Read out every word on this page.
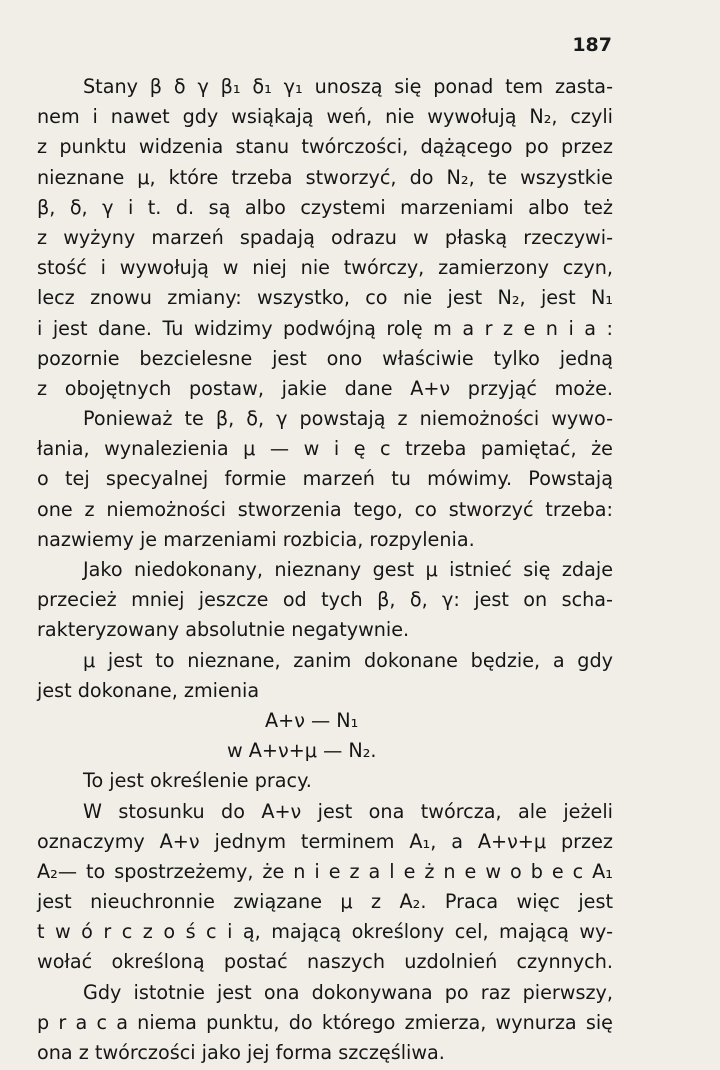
187
Stany β δ γ β₁ δ₁ γ₁ unoszą się ponad tem zasta-
nem i nawet gdy wsiąkają weń, nie wywołują N₂, czyli
z punktu widzenia stanu twórczości, dążącego po przez
nieznane μ, które trzeba stworzyć, do N₂, te wszystkie
β, δ, γ i t. d. są albo czystemi marzeniami albo też
z wyżyny marzeń spadają odrazu w płaską rzeczywi-
stość i wywołują w niej nie twórczy, zamierzony czyn,
lecz znowu zmiany: wszystko, co nie jest N₂, jest N₁
i jest dane. Tu widzimy podwójną rolę m a r z e n i a :
pozornie bezcielesne jest ono właściwie tylko jedną
z obojętnych postaw, jakie dane A+ν przyjąć może.
Ponieważ te β, δ, γ powstają z niemożności wywo-
łania, wynalezienia μ — w i ę c trzeba pamiętać, że
o tej specyalnej formie marzeń tu mówimy. Powstają
one z niemożności stworzenia tego, co stworzyć trzeba:
nazwiemy je marzeniami rozbicia, rozpylenia.
Jako niedokonany, nieznany gest μ istnieć się zdaje
przecież mniej jeszcze od tych β, δ, γ: jest on scha-
rakteryzowany absolutnie negatywnie.
μ jest to nieznane, zanim dokonane będzie, a gdy
jest dokonane, zmienia
A+ν — N₁
w A+ν+μ — N₂.
To jest określenie pracy.
W stosunku do A+ν jest ona twórcza, ale jeżeli
oznaczymy A+ν jednym terminem A₁, a A+ν+μ przez
A₂— to spostrzeżemy, że n i e z a l e ż n e w o b e c A₁
jest nieuchronnie związane μ z A₂. Praca więc jest
t w ó r c z o ś c i ą, mającą określony cel, mającą wy-
wołać określoną postać naszych uzdolnień czynnych.
Gdy istotnie jest ona dokonywana po raz pierwszy,
p r a c a niema punktu, do którego zmierza, wynurza się
ona z twórczości jako jej forma szczęśliwa.
